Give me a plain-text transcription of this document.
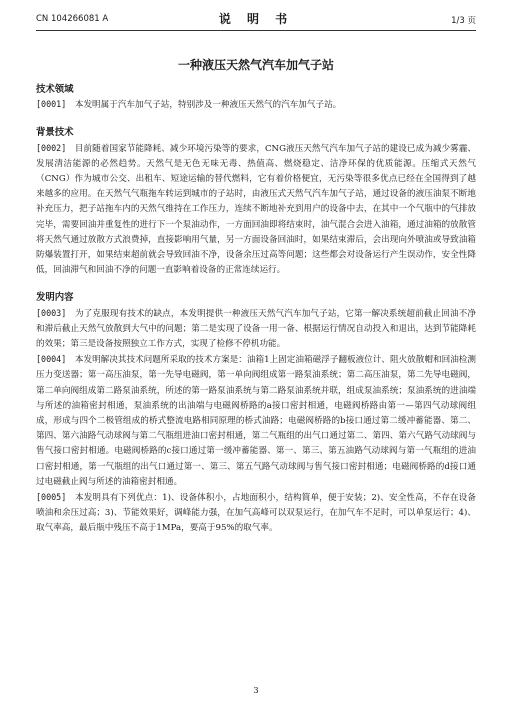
CN 104266081 A	说 明 书	1/3 页
一种液压天然气汽车加气子站

技术领域

[0001]  本发明属于汽车加气子站，特别涉及一种液压天然气的汽车加气子站。

背景技术

[0002]  目前随着国家节能降耗、减少环境污染等的要求，CNG液压天然气汽车加气子站的建设已成为减少雾霾、发展清洁能源的必然趋势。天然气是无色无味无毒、热值高、燃烧稳定、洁净环保的优质能源。压缩式天然气（CNG）作为城市公交、出租车、短途运输的替代燃料，它有着价格便宜，无污染等很多优点已经在全国得到了越来越多的应用。在天然气气瓶拖车转运到城市的子站时，由液压式天然气汽车加气子站，通过设备的液压油泵不断地补充压力，把子站拖车内的天然气维持在工作压力，连续不断地补充到用户的设备中去，在其中一个气瓶中的气排放完毕，需要回油并重复性的进行下一个泵油动作，一方面回油即将结束时，油气混合会进入油箱，通过油箱的放散管将天然气通过放散方式浪费掉，直接影响用气量，另一方面设备回油时，如果结束滞后，会出现向外喷油或导致油箱防爆装置打开，如果结束超前就会导致回油不净，设备余压过高等问题；这些都会对设备运行产生误动作，安全性降低，回油滞气和回油不净的问题一直影响着设备的正常连续运行。

发明内容

[0003]  为了克服现有技术的缺点，本发明提供一种液压天然气汽车加气子站，它第一解决系统超前截止回油不净和滞后截止天然气放散到大气中的问题；第二是实现了设备一用一备、根据运行情况自动投入和退出，达到节能降耗的效果；第三是设备按照独立工作方式，实现了检修不停机功能。

[0004]  本发明解决其技术问题所采取的技术方案是：油箱1上固定油箱磁浮子翻板液位计、阻火放散帽和回油检测压力变送器；第一高压油泵，第一先导电磁阀，第一单向阀组成第一路泵油系统；第二高压油泵，第二先导电磁阀，第二单向阀组成第二路泵油系统，所述的第一路泵油系统与第二路泵油系统并联，组成泵油系统；泵油系统的进油端与所述的油箱密封相通，泵油系统的出油端与电磁阀桥路的a接口密封相通，电磁阀桥路由第一—第四气动球阀组成，形成与四个二极管组成的桥式整流电路相同原理的桥式油路；电磁阀桥路的b接口通过第二缓冲蓄能器、第二、第四、第六油路气动球阀与第二气瓶组进油口密封相通，第二气瓶组的出气口通过第二、第四、第六气路气动球阀与售气接口密封相通。电磁阀桥路的c接口通过第一缓冲蓄能器、第一、第三、第五油路气动球阀与第一气瓶组的进油口密封相通，第一气瓶组的出气口通过第一、第三、第五气路气动球阀与售气接口密封相通；电磁阀桥路的d接口通过电磁截止阀与所述的油箱密封相通。

[0005]  本发明具有下列优点：1)、设备体积小，占地面积小，结构简单，便于安装；2)、安全性高，不存在设备喷油和余压过高；3)、节能效果好，调峰能力强，在加气高峰可以双泵运行，在加气车不足时，可以单泵运行；4)、取气率高，最后瓶中残压不高于1MPa，要高于95%的取气率。

3
